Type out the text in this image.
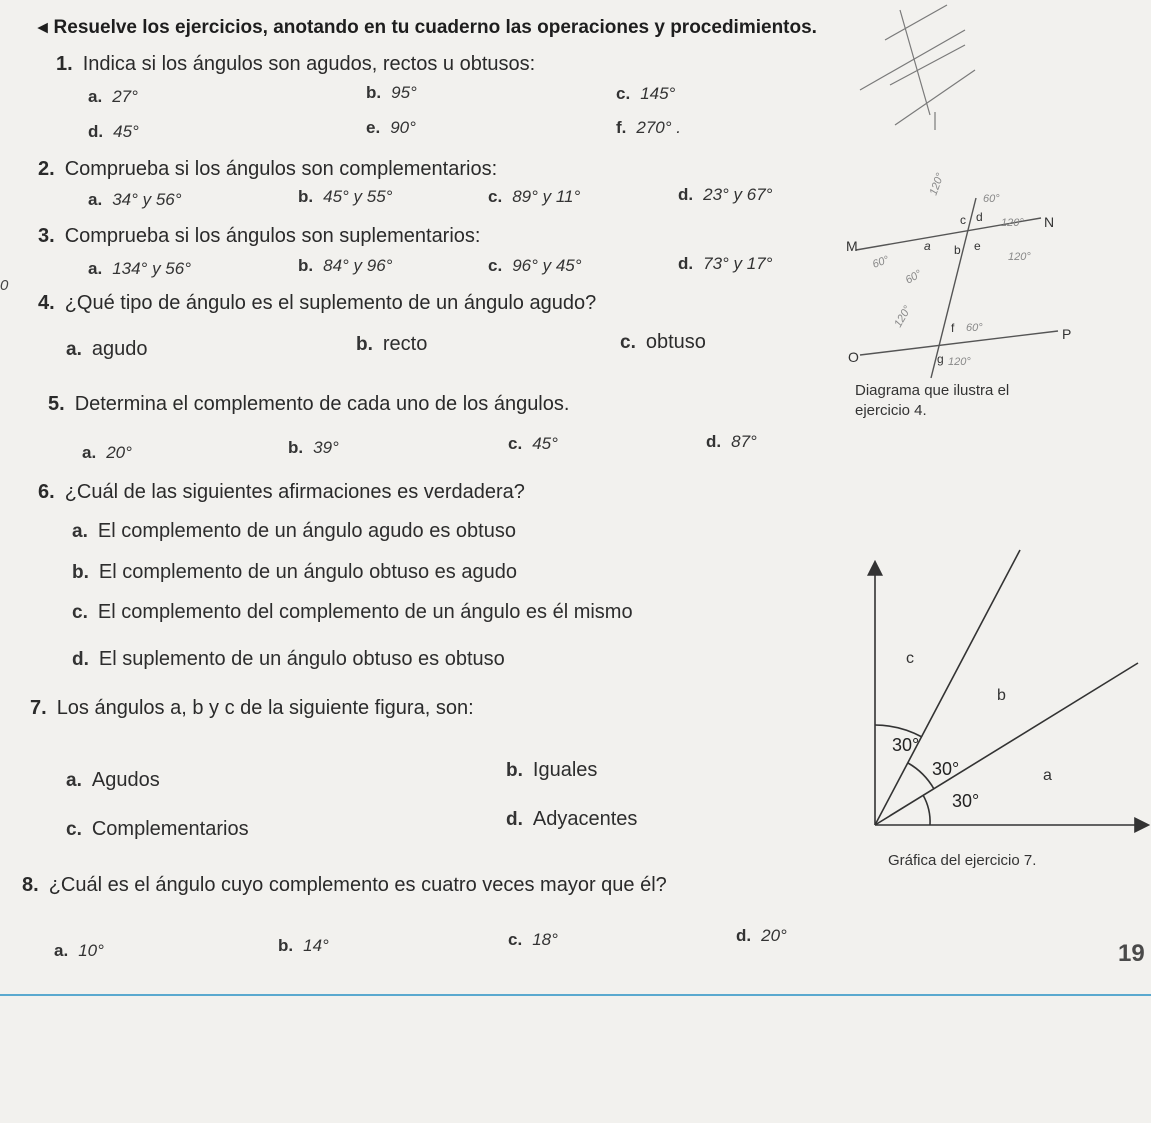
◂ Resuelve los ejercicios, anotando en tu cuaderno las operaciones y procedimientos.
1. Indica si los ángulos son agudos, rectos u obtusos:
a. 27°	b. 95°	c. 145°
d. 45°	e. 90°	f. 270° .
2. Comprueba si los ángulos son complementarios:
a. 34° y 56°	b. 45° y 55°	c. 89° y 11°	d. 23° y 67°
3. Comprueba si los ángulos son suplementarios:
a. 134° y 56°	b. 84° y 96°	c. 96° y 45°	d. 73° y 17°
0
4. ¿Qué tipo de ángulo es el suplemento de un ángulo agudo?
a. agudo	b. recto	c. obtuso
M
N
O
P
a b
c d
e
f
g
120°
60°
120°
60°	120°
60°
120°	60°
120°
Diagrama que ilustra el ejercicio 4.
5. Determina el complemento de cada uno de los ángulos.
a. 20°	b. 39°	c. 45°	d. 87°
6. ¿Cuál de las siguientes afirmaciones es verdadera?
a. El complemento de un ángulo agudo es obtuso
b. El complemento de un ángulo obtuso es agudo
c. El complemento del complemento de un ángulo es él mismo
d. El suplemento de un ángulo obtuso es obtuso
7. Los ángulos a, b y c de la siguiente figura, son:
a. Agudos	b. Iguales
c. Complementarios	d. Adyacentes
c
b
a
30°
30°
30°
Gráfica del ejercicio 7.
8. ¿Cuál es el ángulo cuyo complemento es cuatro veces mayor que él?
a. 10°	b. 14°	c. 18°	d. 20°
19
